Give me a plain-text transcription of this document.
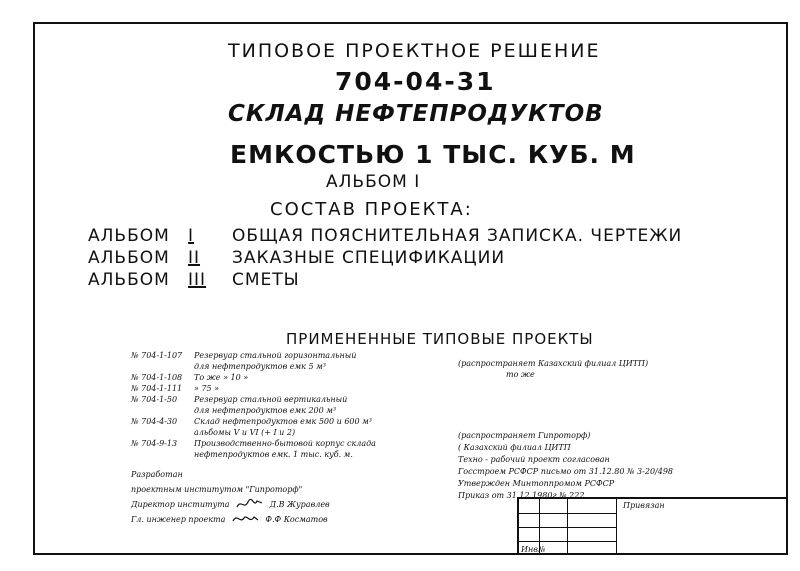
ТИПОВОЕ ПРОЕКТНОЕ РЕШЕНИЕ
704-04-31
СКЛАД НЕФТЕПРОДУКТОВ
ЕМКОСТЬЮ 1 ТЫС. КУБ. М
АЛЬБОМ I
СОСТАВ ПРОЕКТА:
АЛЬБОМ	I	ОБЩАЯ ПОЯСНИТЕЛЬНАЯ ЗАПИСКА. ЧЕРТЕЖИ
АЛЬБОМ	II	ЗАКАЗНЫЕ СПЕЦИФИКАЦИИ
АЛЬБОМ	III	СМЕТЫ
ПРИМЕНЕННЫЕ ТИПОВЫЕ ПРОЕКТЫ
№ 704-1-107	Резервуар стальной горизонтальный
для нефтепродуктов емк 5 м³
№ 704-1-108	То же » 10 »
№ 704-1-111	» 75 »
№ 704-1-50	Резервуар стальной вертикальный
для нефтепродуктов емк 200 м³
№ 704-4-30	Склад нефтепродуктов емк 500 и 600 м³
альбомы V и VI (+ I и 2)
№ 704-9-13	Производственно-бытовой корпус склада
нефтепродуктов емк. 1 тыс. куб. м.
(распространяет Казахский филиал ЦИТП)
то же
(распространяет Гипроторф)
( Казахский филиал ЦИТП
Техно - рабочий проект согласован
Госстроем РСФСР письмо от 31.12.80 № 3-20/498
Утвержден Минтоппромом РСФСР
Приказ от 31.12.1980г № 222
Разработан
проектным институтом "Гипроторф"
Директор института	Д.В Журавлев
Гл. инженер проекта	Ф.Ф Косматов
Привязан
Инв№
